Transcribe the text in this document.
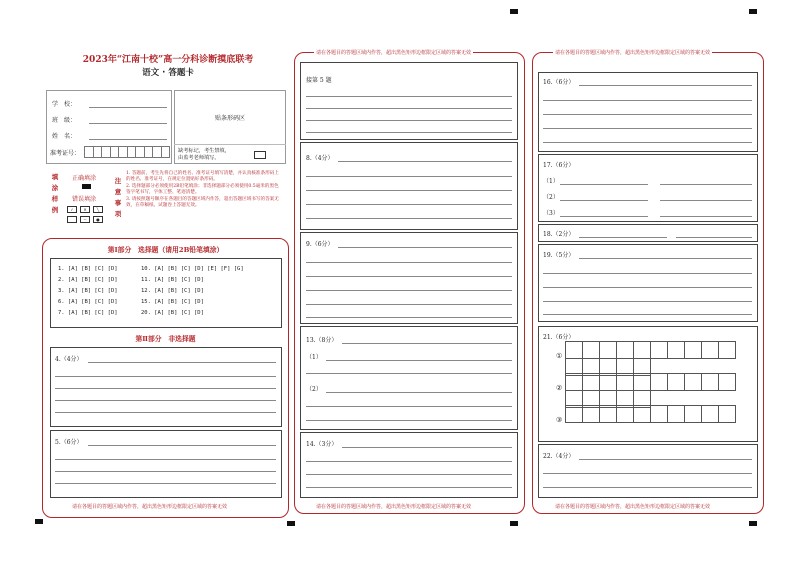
2023年“江南十校”高一分科诊断摸底联考
语文 · 答题卡
学　校：
班　级：
姓　名：
准考证号：
贴条形码区
缺考标记，考生禁填，
由监考老师填写。
填
涂
样
例
正确填涂
错误填涂
✓	✕	╲
−	●
注
意
事
项
1. 答题前，考生先将自己的姓名、准考证号填写清楚，并认真核准条形码上的姓名、准考证号，在规定位置贴好条形码。
2. 选择题部分必须使用2B铅笔填涂；非选择题部分必须使用0.5毫米的黑色签字笔书写，字体工整、笔迹清楚。
3. 请按照题号顺序在各题目的答题区域内作答，超出答题区域书写的答案无效，在草稿纸、试题卷上答题无效。
第Ⅰ部分　选择题（请用2B铅笔填涂）
1. [A] [B] [C] [D]
2. [A] [B] [C] [D]
3. [A] [B] [C] [D]
6. [A] [B] [C] [D]
7. [A] [B] [C] [D]
10. [A] [B] [C] [D] [E] [F] [G]
11. [A] [B] [C] [D]
12. [A] [B] [C] [D]
15. [A] [B] [C] [D]
20. [A] [B] [C] [D]
第Ⅱ部分　非选择题
4.（4分）
5.（6分）
请在各题目的答题区域内作答，超出黑色矩形边框限定区域的答案无效
请在各题目的答题区域内作答，超出黑色矩形边框限定区域的答案无效
接第 5 题
8.（4分）
9.（6分）
13.（8分）
（1）
（2）
14.（3分）
请在各题目的答题区域内作答，超出黑色矩形边框限定区域的答案无效
请在各题目的答题区域内作答，超出黑色矩形边框限定区域的答案无效
16.（6分）
17.（6分）
（1）
（2）
（3）
18.（2分）
19.（5分）
21.（6分）
①
②
③
22.（4分）
请在各题目的答题区域内作答，超出黑色矩形边框限定区域的答案无效
